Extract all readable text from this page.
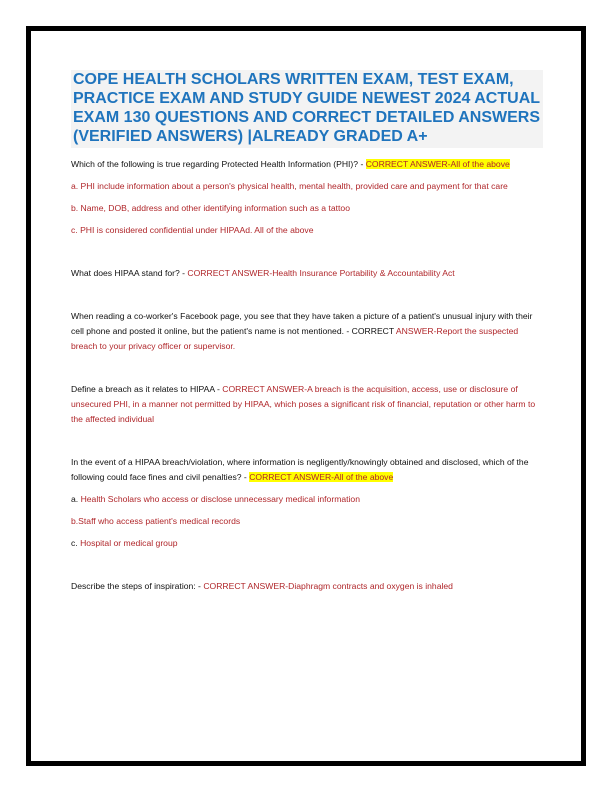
COPE HEALTH SCHOLARS WRITTEN EXAM, TEST EXAM, PRACTICE EXAM AND STUDY GUIDE NEWEST 2024 ACTUAL EXAM 130 QUESTIONS AND CORRECT DETAILED ANSWERS (VERIFIED ANSWERS) |ALREADY GRADED A+

Which of the following is true regarding Protected Health Information (PHI)? - CORRECT ANSWER-All of the above

a. PHI include information about a person's physical health, mental health, provided care and payment for that care

b. Name, DOB, address and other identifying information such as a tattoo

c. PHI is considered confidential under HIPAAd. All of the above

What does HIPAA stand for? - CORRECT ANSWER-Health Insurance Portability & Accountability Act

When reading a co-worker's Facebook page, you see that they have taken a picture of a patient's unusual injury with their cell phone and posted it online, but the patient's name is not mentioned. - CORRECT ANSWER-Report the suspected breach to your privacy officer or supervisor.

Define a breach as it relates to HIPAA - CORRECT ANSWER-A breach is the acquisition, access, use or disclosure of unsecured PHI, in a manner not permitted by HIPAA, which poses a significant risk of financial, reputation or other harm to the affected individual

In the event of a HIPAA breach/violation, where information is negligently/knowingly obtained and disclosed, which of the following could face fines and civil penalties? - CORRECT ANSWER-All of the above

a. Health Scholars who access or disclose unnecessary medical information

b.Staff who access patient's medical records

c. Hospital or medical group

Describe the steps of inspiration: - CORRECT ANSWER-Diaphragm contracts and oxygen is inhaled
